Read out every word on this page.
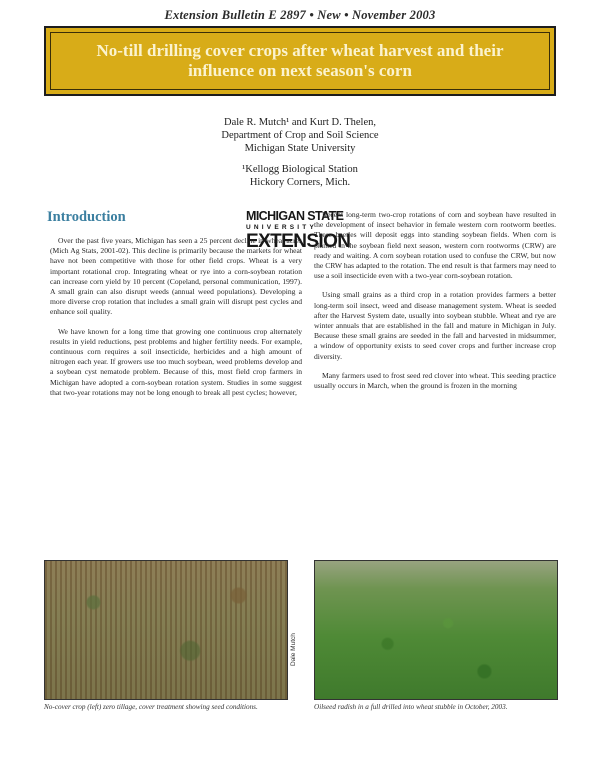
Extension Bulletin E 2897 • New • November 2003
No-till drilling cover crops after wheat harvest and their influence on next season's corn

Dale R. Mutch¹ and Kurt D. Thelen,

Department of Crop and Soil Science

Michigan State University

¹Kellogg Biological Station

Hickory Corners, Mich.

Introduction	MICHIGAN STATE
UNIVERSITY
EXTENSION

Over the past five years, Michigan has seen a 25 percent decline in wheat acres (Mich Ag Stats, 2001-02). This decline is primarily because the markets for wheat have not been competitive with those for other field crops. Wheat is a very important rotational crop. Integrating wheat or rye into a corn-soybean rotation can increase corn yield by 10 percent (Copeland, personal communication, 1997). A small grain can also disrupt weeds (annual weed populations). Developing a more diverse crop rotation that includes a small grain will disrupt pest cycles and enhance soil quality.

We have known for a long time that growing one continuous crop alternately results in yield reductions, pest problems and higher fertility needs. For example, continuous corn requires a soil insecticide, herbicides and a high amount of nitrogen each year. If growers use too much soybean, weed problems develop and a soybean cyst nematode problem. Because of this, most field crop farmers in Michigan have adopted a corn-soybean rotation system. Studies in some suggest that two-year rotations may not be long enough to break all pest cycles; however,

Recent long-term two-crop rotations of corn and soybean have resulted in the development of insect behavior in female western corn rootworm beetles. These beetles will deposit eggs into standing soybean fields. When corn is planted in the soybean field next season, western corn rootworms (CRW) are ready and waiting. A corn soybean rotation used to confuse the CRW, but now the CRW has adapted to the rotation. The end result is that farmers may need to use a soil insecticide even with a two-year corn-soybean rotation.

Using small grains as a third crop in a rotation provides farmers a better long-term soil insect, weed and disease management system. Wheat is seeded after the Harvest System date, usually into soybean stubble. Wheat and rye are winter annuals that are established in the fall and mature in Michigan in July. Because these small grains are seeded in the fall and harvested in midsummer, a window of opportunity exists to seed cover crops and further increase crop diversity.

Many farmers used to frost seed red clover into wheat. This seeding practice usually occurs in March, when the ground is frozen in the morning

Dale Mutch
No-cover crop (left) zero tillage, cover treatment showing seed conditions.	Oilseed radish in a full drilled into wheat stubble in October, 2003.
